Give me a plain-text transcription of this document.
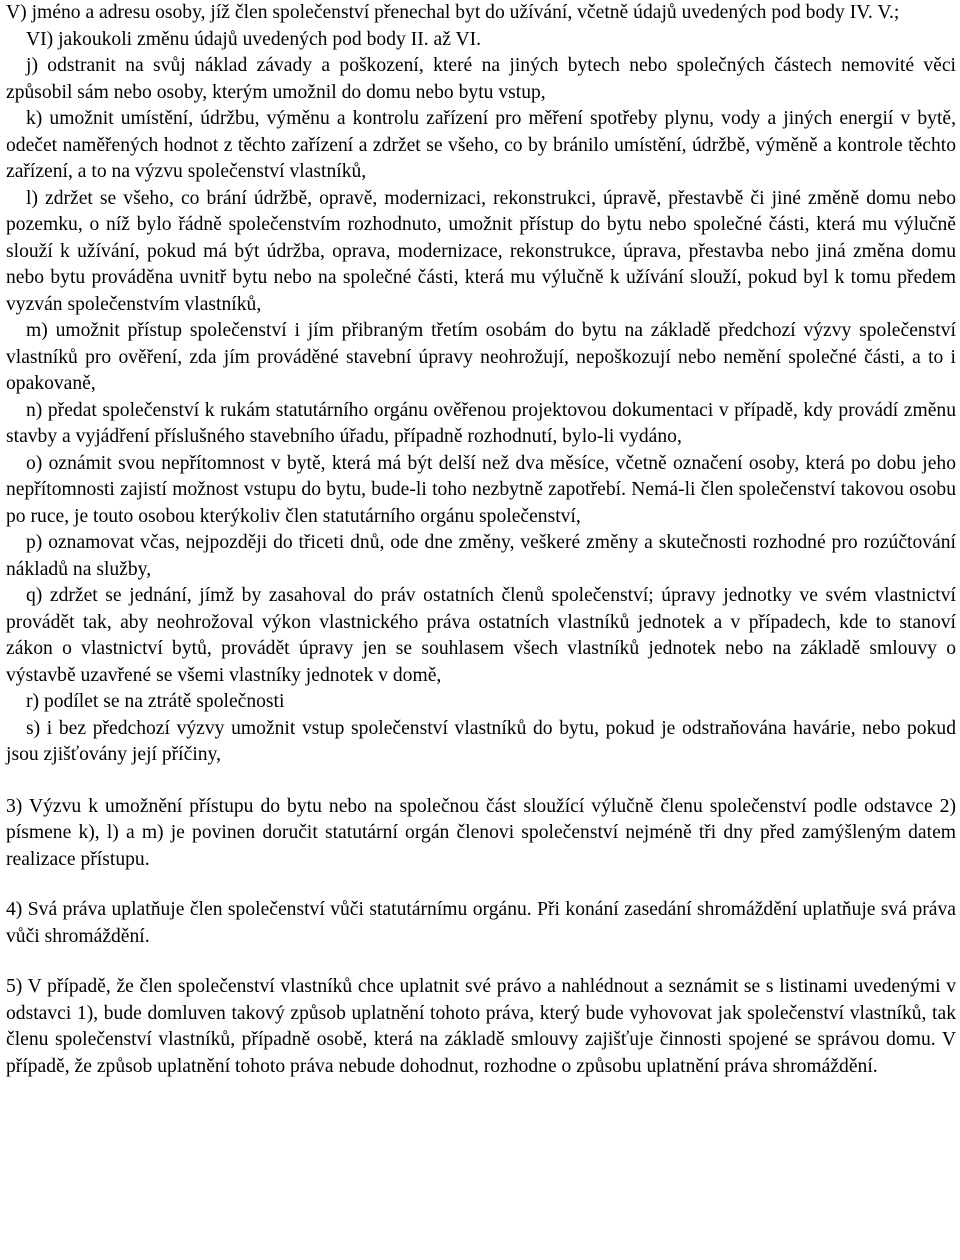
V) jméno a adresu osoby, jíž člen společenství přenechal byt do užívání, včetně údajů uvedených pod body IV. V.;

VI) jakoukoli změnu údajů uvedených pod body II. až VI.

j) odstranit na svůj náklad závady a poškození, které na jiných bytech nebo společných částech nemovité věci způsobil sám nebo osoby, kterým umožnil do domu nebo bytu vstup,

k) umožnit umístění, údržbu, výměnu a kontrolu zařízení pro měření spotřeby plynu, vody a jiných energií v bytě, odečet naměřených hodnot z těchto zařízení a zdržet se všeho, co by bránilo umístění, údržbě, výměně a kontrole těchto zařízení, a to na výzvu společenství vlastníků,

l) zdržet se všeho, co brání údržbě, opravě, modernizaci, rekonstrukci, úpravě, přestavbě či jiné změně domu nebo pozemku, o níž bylo řádně společenstvím rozhodnuto, umožnit přístup do bytu nebo společné části, která mu výlučně slouží k užívání, pokud má být údržba, oprava, modernizace, rekonstrukce, úprava, přestavba nebo jiná změna domu nebo bytu prováděna uvnitř bytu nebo na společné části, která mu výlučně k užívání slouží, pokud byl k tomu předem vyzván společenstvím vlastníků,

m) umožnit přístup společenství i jím přibraným třetím osobám do bytu na základě předchozí výzvy společenství vlastníků pro ověření, zda jím prováděné stavební úpravy neohrožují, nepoškozují nebo nemění společné části, a to i opakovaně,

n) předat společenství k rukám statutárního orgánu ověřenou projektovou dokumentaci v případě, kdy provádí změnu stavby a vyjádření příslušného stavebního úřadu, případně rozhodnutí, bylo-li vydáno,

o) oznámit svou nepřítomnost v bytě, která má být delší než dva měsíce, včetně označení osoby, která po dobu jeho nepřítomnosti zajistí možnost vstupu do bytu, bude-li toho nezbytně zapotřebí. Nemá-li člen společenství takovou osobu po ruce, je touto osobou kterýkoliv člen statutárního orgánu společenství,

p) oznamovat včas, nejpozději do třiceti dnů, ode dne změny, veškeré změny a skutečnosti rozhodné pro rozúčtování nákladů na služby,

q) zdržet se jednání, jímž by zasahoval do práv ostatních členů společenství; úpravy jednotky ve svém vlastnictví provádět tak, aby neohrožoval výkon vlastnického práva ostatních vlastníků jednotek a v případech, kde to stanoví zákon o vlastnictví bytů, provádět úpravy jen se souhlasem všech vlastníků jednotek nebo na základě smlouvy o výstavbě uzavřené se všemi vlastníky jednotek v domě,

r) podílet se na ztrátě společnosti

s) i bez předchozí výzvy umožnit vstup společenství vlastníků do bytu, pokud je odstraňována havárie, nebo pokud jsou zjišťovány její příčiny,

3) Výzvu k umožnění přístupu do bytu nebo na společnou část sloužící výlučně členu společenství podle odstavce 2) písmene k), l) a m) je povinen doručit statutární orgán členovi společenství nejméně tři dny před zamýšleným datem realizace přístupu.

4) Svá práva uplatňuje člen společenství vůči statutárnímu orgánu. Při konání zasedání shromáždění uplatňuje svá práva vůči shromáždění.

5) V případě, že člen společenství vlastníků chce uplatnit své právo a nahlédnout a seznámit se s listinami uvedenými v odstavci 1), bude domluven takový způsob uplatnění tohoto práva, který bude vyhovovat jak společenství vlastníků, tak členu společenství vlastníků, případně osobě, která na základě smlouvy zajišťuje činnosti spojené se správou domu. V případě, že způsob uplatnění tohoto práva nebude dohodnut, rozhodne o způsobu uplatnění práva shromáždění.
